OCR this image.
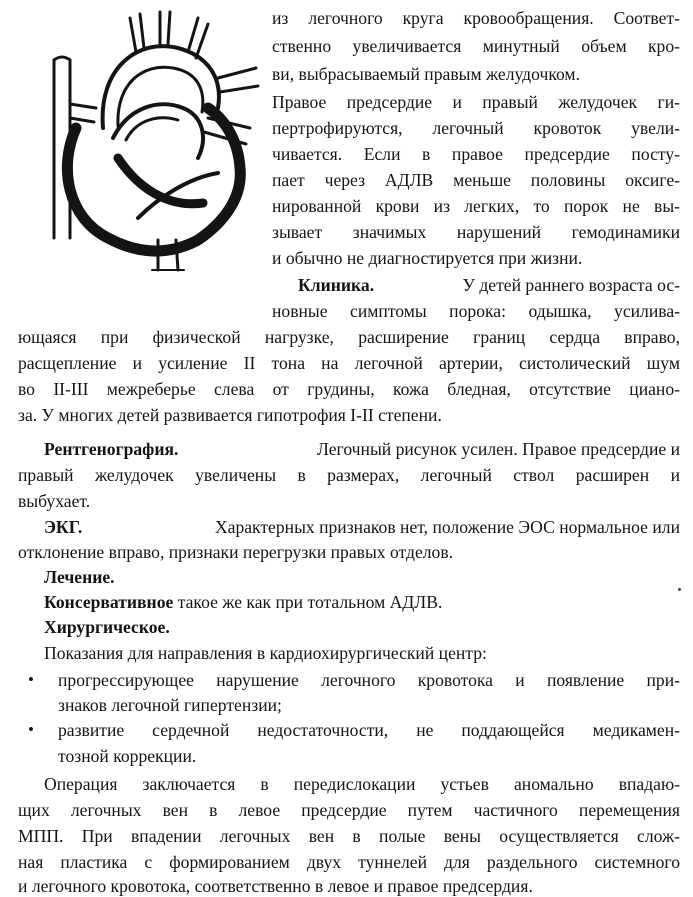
из легочного круга кровообращения. Соответ-
ственно увеличивается минутный объем кро-
ви, выбрасываемый правым желудочком.
Правое предсердие и правый желудочек ги-
пертрофируются, легочный кровоток увели-
чивается. Если в правое предсердие посту-
пает через АДЛВ меньше половины оксиге-
нированной крови из легких, то порок не вы-
зывает значимых нарушений гемодинамики
и обычно не диагностируется при жизни.
Клиника.	У детей раннего возраста ос-
новные симптомы порока: одышка, усилива-
ющаяся при физической нагрузке, расширение границ сердца вправо,
расщепление и усиление II тона на легочной артерии, систолический шум
во II-III межреберье слева от грудины, кожа бледная, отсутствие циано-
за. У многих детей развивается гипотрофия I-II степени.
Рентгенография.	Легочный рисунок усилен. Правое предсердие и
правый желудочек увеличены в размерах, легочный ствол расширен и
выбухает.
ЭКГ.	Характерных признаков нет, положение ЭОС нормальное или
отклонение вправо, признаки перегрузки правых отделов.
Лечение.
Консервативное такое же как при тотальном АДЛВ.
Хирургическое.
Показания для направления в кардиохирургический центр:
• прогрессирующее нарушение легочного кровотока и появление при-
знаков легочной гипертензии;
• развитие сердечной недостаточности, не поддающейся медикамен-
тозной коррекции.
Операция заключается в передислокации устьев аномально впадаю-
щих легочных вен в левое предсердие путем частичного перемещения
МПП. При впадении легочных вен в полые вены осуществляется слож-
ная пластика с формированием двух туннелей для раздельного системного
и легочного кровотока, соответственно в левое и правое предсердия.
